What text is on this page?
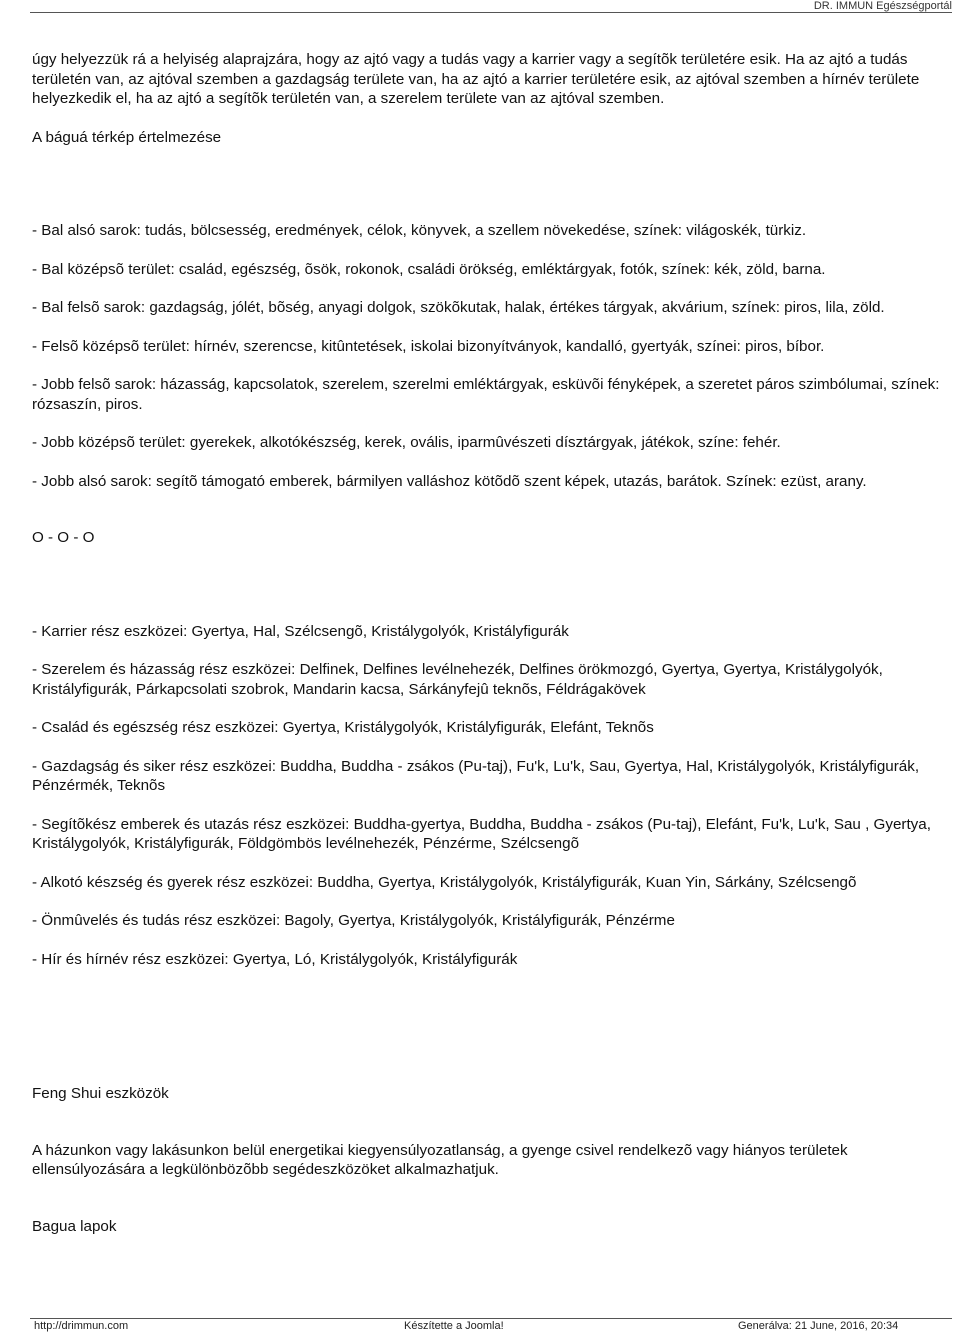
DR. IMMUN Egészségportál

úgy helyezzük rá a helyiség alaprajzára, hogy az ajtó vagy a tudás vagy a karrier vagy a segítõk területére esik. Ha az ajtó a tudás területén van, az ajtóval szemben a gazdagság területe van, ha az ajtó a karrier területére esik, az ajtóval szemben a hírnév területe helyezkedik el, ha az ajtó a segítõk területén van, a szerelem területe van az ajtóval szemben.

A báguá térkép értelmezése

- Bal alsó sarok: tudás, bölcsesség, eredmények, célok, könyvek, a szellem növekedése, színek: világoskék, türkiz.

- Bal középsõ terület: család, egészség, õsök, rokonok, családi örökség, emléktárgyak, fotók, színek: kék, zöld, barna.

- Bal felsõ sarok: gazdagság, jólét, bõség, anyagi dolgok, szökõkutak, halak, értékes tárgyak, akvárium, színek: piros, lila, zöld.

- Felsõ középsõ terület: hírnév, szerencse, kitûntetések, iskolai bizonyítványok, kandalló, gyertyák, színei: piros, bíbor.

- Jobb felsõ sarok: házasság, kapcsolatok, szerelem, szerelmi emléktárgyak, esküvõi fényképek, a szeretet páros szimbólumai, színek: rózsaszín, piros.

- Jobb középsõ terület: gyerekek, alkotókészség, kerek, ovális, iparmûvészeti dísztárgyak, játékok, színe: fehér.

- Jobb alsó sarok: segítõ támogató emberek, bármilyen valláshoz kötõdõ szent képek, utazás, barátok. Színek: ezüst, arany.

O - O - O

- Karrier rész eszközei: Gyertya, Hal, Szélcsengõ, Kristálygolyók, Kristályfigurák

- Szerelem és házasság rész eszközei: Delfinek, Delfines levélnehezék, Delfines örökmozgó, Gyertya, Gyertya, Kristálygolyók, Kristályfigurák, Párkapcsolati szobrok, Mandarin kacsa, Sárkányfejû teknõs, Féldrágakövek

- Család és egészség rész eszközei: Gyertya, Kristálygolyók, Kristályfigurák, Elefánt, Teknõs

- Gazdagság és siker rész eszközei: Buddha, Buddha - zsákos (Pu-taj), Fu'k, Lu'k, Sau, Gyertya, Hal, Kristálygolyók, Kristályfigurák, Pénzérmék, Teknõs

- Segítõkész emberek és utazás rész eszközei: Buddha-gyertya, Buddha, Buddha - zsákos (Pu-taj), Elefánt, Fu'k, Lu'k, Sau , Gyertya, Kristálygolyók, Kristályfigurák, Földgömbös levélnehezék, Pénzérme, Szélcsengõ

- Alkotó készség és gyerek rész eszközei: Buddha, Gyertya, Kristálygolyók, Kristályfigurák, Kuan Yin, Sárkány, Szélcsengõ

- Önmûvelés és tudás rész eszközei: Bagoly, Gyertya, Kristálygolyók, Kristályfigurák, Pénzérme

- Hír és hírnév rész eszközei: Gyertya, Ló, Kristálygolyók, Kristályfigurák

Feng Shui eszközök

A házunkon vagy lakásunkon belül energetikai kiegyensúlyozatlanság, a gyenge csivel rendelkezõ vagy hiányos területek ellensúlyozására a legkülönbözõbb segédeszközöket alkalmazhatjuk.

Bagua lapok

http://drimmun.com	Készítette a Joomla!	Generálva: 21 June, 2016, 20:34
